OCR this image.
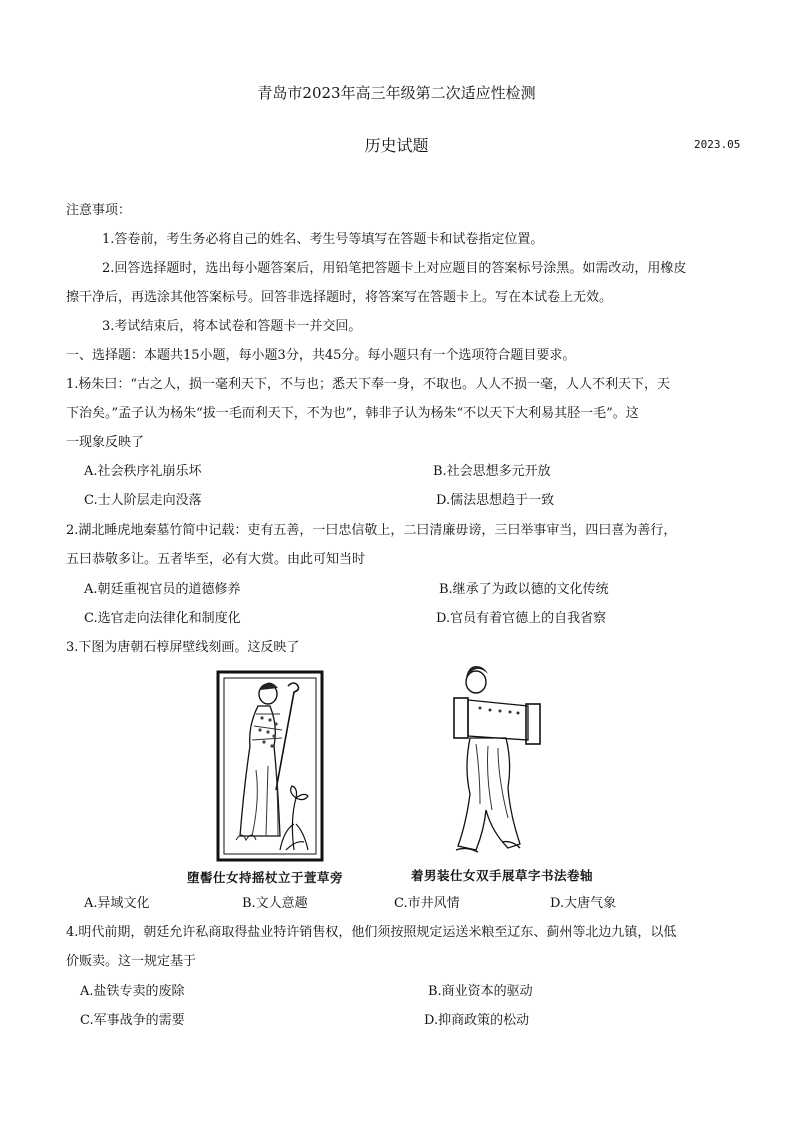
青岛市2023年高三年级第二次适应性检测
历史试题	2023.05
注意事项：
1.答卷前，考生务必将自己的姓名、考生号等填写在答题卡和试卷指定位置。
2.回答选择题时，选出每小题答案后，用铅笔把答题卡上对应题目的答案标号涂黑。如需改动，用橡皮
擦干净后，再选涂其他答案标号。回答非选择题时，将答案写在答题卡上。写在本试卷上无效。
3.考试结束后，将本试卷和答题卡一并交回。
一、选择题：本题共15小题，每小题3分，共45分。每小题只有一个选项符合题目要求。
1.杨朱曰：“古之人，损一毫利天下，不与也；悉天下奉一身，不取也。人人不损一毫，人人不利天下，天
下治矣。”孟子认为杨朱“拔一毛而利天下，不为也”，韩非子认为杨朱“不以天下大利易其胫一毛”。这
一现象反映了
A.社会秩序礼崩乐坏	B.社会思想多元开放
C.士人阶层走向没落	D.儒法思想趋于一致
2.湖北睡虎地秦墓竹简中记载：吏有五善，一曰忠信敬上，二曰清廉毋谤，三曰举事审当，四曰喜为善行，
五曰恭敬多让。五者毕至，必有大赏。由此可知当时
A.朝廷重视官员的道德修养	B.继承了为政以德的文化传统
C.选官走向法律化和制度化	D.官员有着官德上的自我省察
3.下图为唐朝石椁屏壁线刻画。这反映了
堕髻仕女持摇杖立于萱草旁	着男装仕女双手展草字书法卷轴
A.异域文化	B.文人意趣	C.市井风情	D.大唐气象
4.明代前期，朝廷允许私商取得盐业特许销售权，他们须按照规定运送米粮至辽东、蓟州等北边九镇，以低
价贩卖。这一规定基于
A.盐铁专卖的废除	B.商业资本的驱动
C.军事战争的需要	D.抑商政策的松动
